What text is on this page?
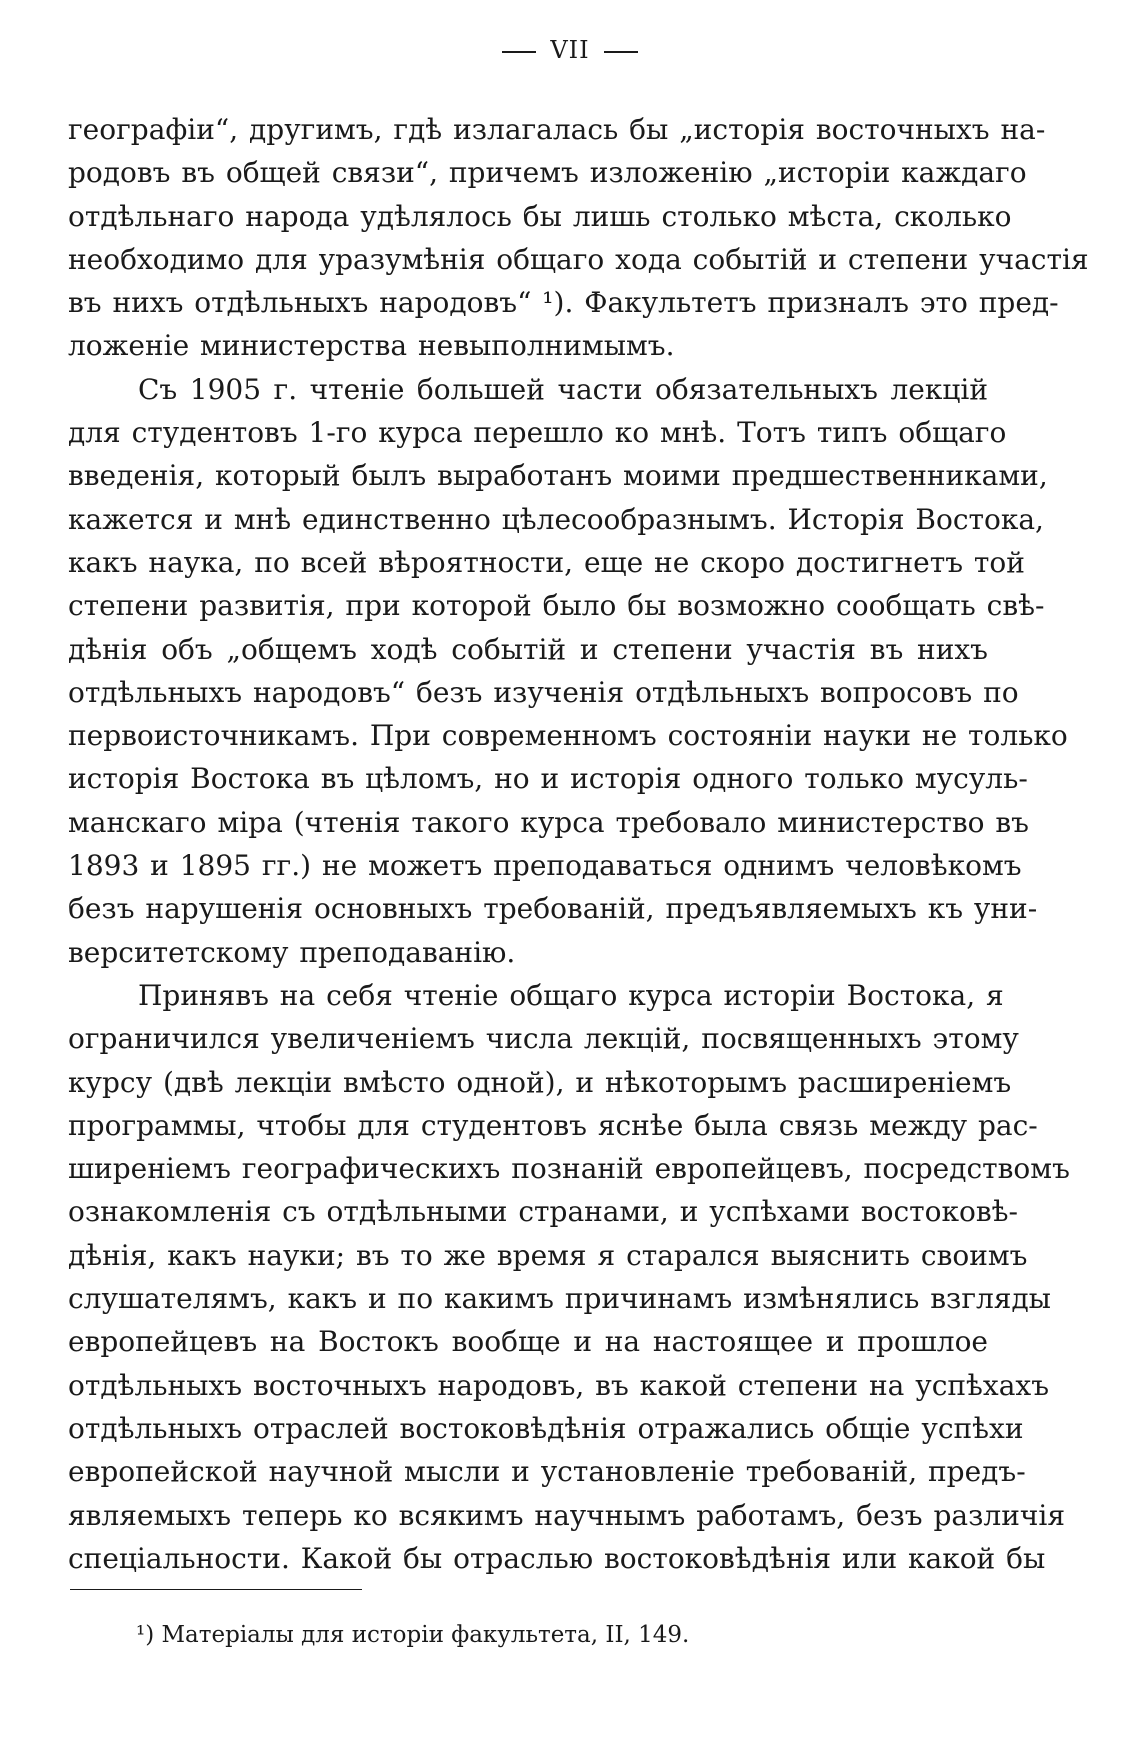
VII
географіи“, другимъ, гдѣ излагалась бы „исторія восточныхъ на-
родовъ въ общей связи“, причемъ изложенію „исторіи каждаго
отдѣльнаго народа удѣлялось бы лишь столько мѣста, сколько
необходимо для уразумѣнія общаго хода событій и степени участія
въ нихъ отдѣльныхъ народовъ“ ¹). Факультетъ призналъ это пред-
ложеніе министерства невыполнимымъ.
Съ 1905 г. чтеніе большей части обязательныхъ лекцій
для студентовъ 1-го курса перешло ко мнѣ. Тотъ типъ общаго
введенія, который былъ выработанъ моими предшественниками,
кажется и мнѣ единственно цѣлесообразнымъ. Исторія Востока,
какъ наука, по всей вѣроятности, еще не скоро достигнетъ той
степени развитія, при которой было бы возможно сообщать свѣ-
дѣнія объ „общемъ ходѣ событій и степени участія въ нихъ
отдѣльныхъ народовъ“ безъ изученія отдѣльныхъ вопросовъ по
первоисточникамъ. При современномъ состояніи науки не только
исторія Востока въ цѣломъ, но и исторія одного только мусуль-
манскаго міра (чтенія такого курса требовало министерство въ
1893 и 1895 гг.) не можетъ преподаваться однимъ человѣкомъ
безъ нарушенія основныхъ требованій, предъявляемыхъ къ уни-
верситетскому преподаванію.
Принявъ на себя чтеніе общаго курса исторіи Востока, я
ограничился увеличеніемъ числа лекцій, посвященныхъ этому
курсу (двѣ лекціи вмѣсто одной), и нѣкоторымъ расширеніемъ
программы, чтобы для студентовъ яснѣе была связь между рас-
ширеніемъ географическихъ познаній европейцевъ, посредствомъ
ознакомленія съ отдѣльными странами, и успѣхами востоковѣ-
дѣнія, какъ науки; въ то же время я старался выяснить своимъ
слушателямъ, какъ и по какимъ причинамъ измѣнялись взгляды
европейцевъ на Востокъ вообще и на настоящее и прошлое
отдѣльныхъ восточныхъ народовъ, въ какой степени на успѣхахъ
отдѣльныхъ отраслей востоковѣдѣнія отражались общіе успѣхи
европейской научной мысли и установленіе требованій, предъ-
являемыхъ теперь ко всякимъ научнымъ работамъ, безъ различія
спеціальности. Какой бы отраслью востоковѣдѣнія или какой бы
¹) Матеріалы для исторіи факультета, II, 149.
